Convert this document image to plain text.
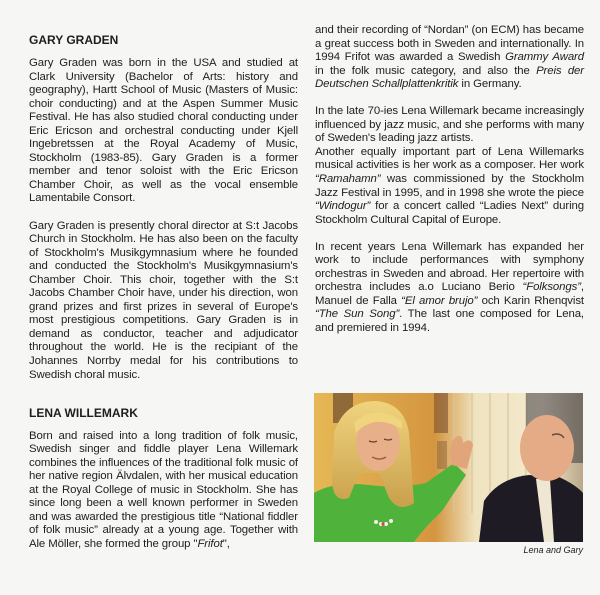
GARY GRADEN

Gary Graden was born in the USA and studied at Clark University (Bachelor of Arts: history and geography), Hartt School of Music (Masters of Music: choir conducting) and at the Aspen Summer Music Festival. He has also studied choral conducting under Eric Ericson and orchestral conducting under Kjell Ingebretssen at the Royal Academy of Music, Stockholm (1983-85). Gary Graden is a former member and tenor soloist with the Eric Ericson Chamber Choir, as well as the vocal ensemble Lamentabile Consort.

Gary Graden is presently choral director at S:t Jacobs Church in Stockholm. He has also been on the faculty of Stockholm's Musikgymnasium where he founded and conducted the Stockholm's Musikgymnasium's Chamber Choir. This choir, together with the S:t Jacobs Chamber Choir have, under his direction, won grand prizes and first prizes in several of Europe's most prestigious competitions. Gary Graden is in demand as conductor, teacher and adjudicator throughout the world. He is the recipiant of the Johannes Norrby medal for his contributions to Swedish choral music.

LENA WILLEMARK

Born and raised into a long tradition of folk music, Swedish singer and fiddle player Lena Willemark combines the influences of the traditional folk music of her native region Älvdalen, with her musical education at the Royal College of music in Stockholm. She has since long been a well known performer in Sweden and was awarded the prestigious title “National fiddler of folk music” already at a young age. Together with Ale Möller, she formed the group "Frifot",

and their recording of “Nordan” (on ECM) has became a great success both in Sweden and internationally. In 1994 Frifot was awarded a Swedish Grammy Award in the folk music category, and also the Preis der Deutschen Schallplattenkritik in Germany.

In the late 70-ies Lena Willemark became increasingly influenced by jazz music, and she performs with many of Sweden's leading jazz artists.

Another equally important part of Lena Willemarks musical activities is her work as a composer. Her work “Ramahamn” was commissioned by the Stockholm Jazz Festival in 1995, and in 1998 she wrote the piece “Windogur” for a concert called “Ladies Next” during Stockholm Cultural Capital of Europe.

In recent years Lena Willemark has expanded her work to include performances with symphony orchestras in Sweden and abroad. Her repertoire with orchestra includes a.o Luciano Berio “Folksongs”, Manuel de Falla “El amor brujo” och Karin Rhenqvist “The Sun Song”. The last one composed for Lena, and premiered in 1994.

Lena and Gary
